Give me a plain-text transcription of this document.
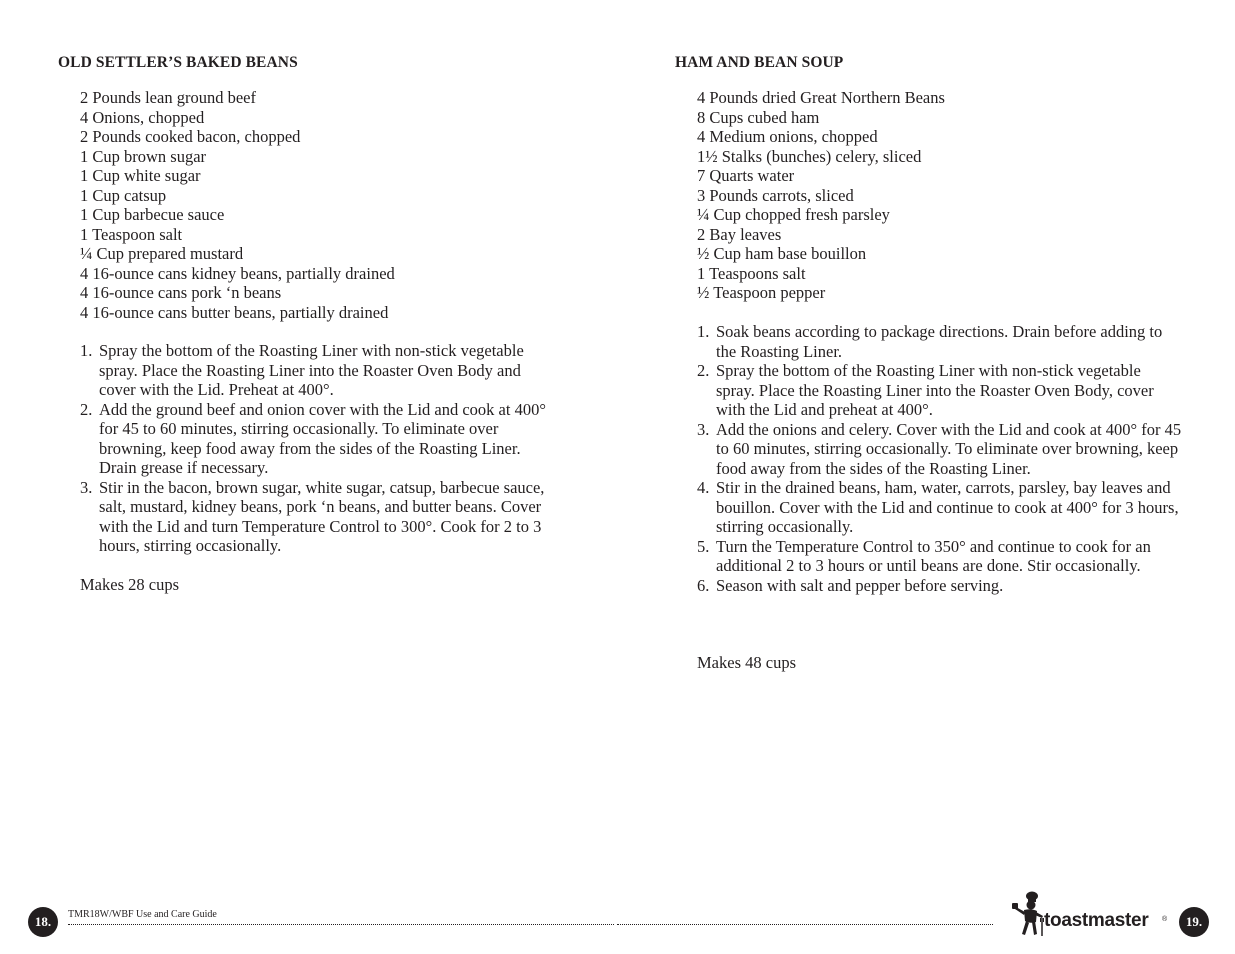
OLD SETTLER’S BAKED BEANS
2 Pounds lean ground beef
4 Onions, chopped
2 Pounds cooked bacon, chopped
1 Cup brown sugar
1 Cup white sugar
1 Cup catsup
1 Cup barbecue sauce
1 Teaspoon salt
¼ Cup prepared mustard
4 16-ounce cans kidney beans, partially drained
4 16-ounce cans pork ‘n beans
4 16-ounce cans butter beans, partially drained
1. Spray the bottom of the Roasting Liner with non-stick vegetable spray. Place the Roasting Liner into the Roaster Oven Body and cover with the Lid. Preheat at 400°.
2. Add the ground beef and onion cover with the Lid and cook at 400° for 45 to 60 minutes, stirring occasionally. To eliminate over browning, keep food away from the sides of the Roasting Liner. Drain grease if necessary.
3. Stir in the bacon, brown sugar, white sugar, catsup, barbecue sauce, salt, mustard, kidney beans, pork ‘n beans, and butter beans. Cover with the Lid and turn Temperature Control to 300°. Cook for 2 to 3 hours, stirring occasionally.

Makes 28 cups

HAM AND BEAN SOUP
4 Pounds dried Great Northern Beans
8 Cups cubed ham
4 Medium onions, chopped
1½ Stalks (bunches) celery, sliced
7 Quarts water
3 Pounds carrots, sliced
¼ Cup chopped fresh parsley
2 Bay leaves
½ Cup ham base bouillon
1 Teaspoons salt
½ Teaspoon pepper
1. Soak beans according to package directions. Drain before adding to the Roasting Liner.
2. Spray the bottom of the Roasting Liner with non-stick vegetable spray. Place the Roasting Liner into the Roaster Oven Body, cover with the Lid and preheat at 400°.
3. Add the onions and celery. Cover with the Lid and cook at 400° for 45 to 60 minutes, stirring occasionally. To eliminate over browning, keep food away from the sides of the Roasting Liner.
4. Stir in the drained beans, ham, water, carrots, parsley, bay leaves and bouillon. Cover with the Lid and continue to cook at 400° for 3 hours, stirring occasionally.
5. Turn the Temperature Control to 350° and continue to cook for an additional 2 to 3 hours or until beans are done. Stir occasionally.
6. Season with salt and pepper before serving.

Makes 48 cups

18.	TMR18W/WBF Use and Care Guide	toastmaster ®	19.
